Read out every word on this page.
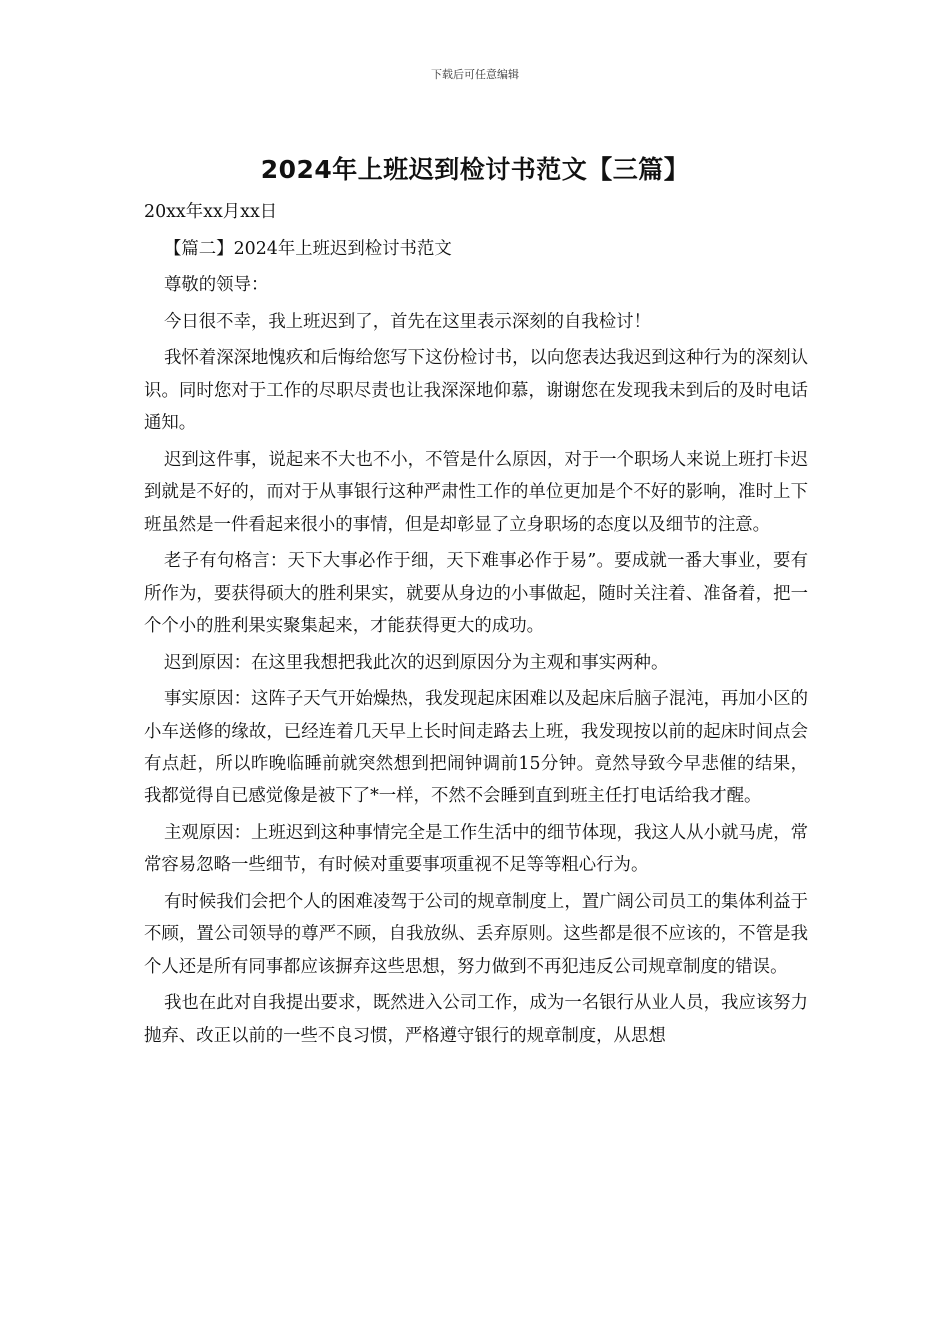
下载后可任意编辑
2024年上班迟到检讨书范文【三篇】

20xx年xx月xx日

【篇二】2024年上班迟到检讨书范文

尊敬的领导：

今日很不幸，我上班迟到了，首先在这里表示深刻的自我检讨！

我怀着深深地愧疚和后悔给您写下这份检讨书，以向您表达我迟到这种行为的深刻认识。同时您对于工作的尽职尽责也让我深深地仰慕，谢谢您在发现我未到后的及时电话通知。

迟到这件事，说起来不大也不小，不管是什么原因，对于一个职场人来说上班打卡迟到就是不好的，而对于从事银行这种严肃性工作的单位更加是个不好的影响，准时上下班虽然是一件看起来很小的事情，但是却彰显了立身职场的态度以及细节的注意。

老子有句格言：天下大事必作于细，天下难事必作于易”。要成就一番大事业，要有所作为，要获得硕大的胜利果实，就要从身边的小事做起，随时关注着、准备着，把一个个小的胜利果实聚集起来，才能获得更大的成功。

迟到原因：在这里我想把我此次的迟到原因分为主观和事实两种。

事实原因：这阵子天气开始燥热，我发现起床困难以及起床后脑子混沌，再加小区的小车送修的缘故，已经连着几天早上长时间走路去上班，我发现按以前的起床时间点会有点赶，所以昨晚临睡前就突然想到把闹钟调前15分钟。竟然导致今早悲催的结果，我都觉得自已感觉像是被下了*一样，不然不会睡到直到班主任打电话给我才醒。

主观原因：上班迟到这种事情完全是工作生活中的细节体现，我这人从小就马虎，常常容易忽略一些细节，有时候对重要事项重视不足等等粗心行为。

有时候我们会把个人的困难凌驾于公司的规章制度上，置广阔公司员工的集体利益于不顾，置公司领导的尊严不顾，自我放纵、丢弃原则。这些都是很不应该的，不管是我个人还是所有同事都应该摒弃这些思想，努力做到不再犯违反公司规章制度的错误。

我也在此对自我提出要求，既然进入公司工作，成为一名银行从业人员，我应该努力抛弃、改正以前的一些不良习惯，严格遵守银行的规章制度，从思想
